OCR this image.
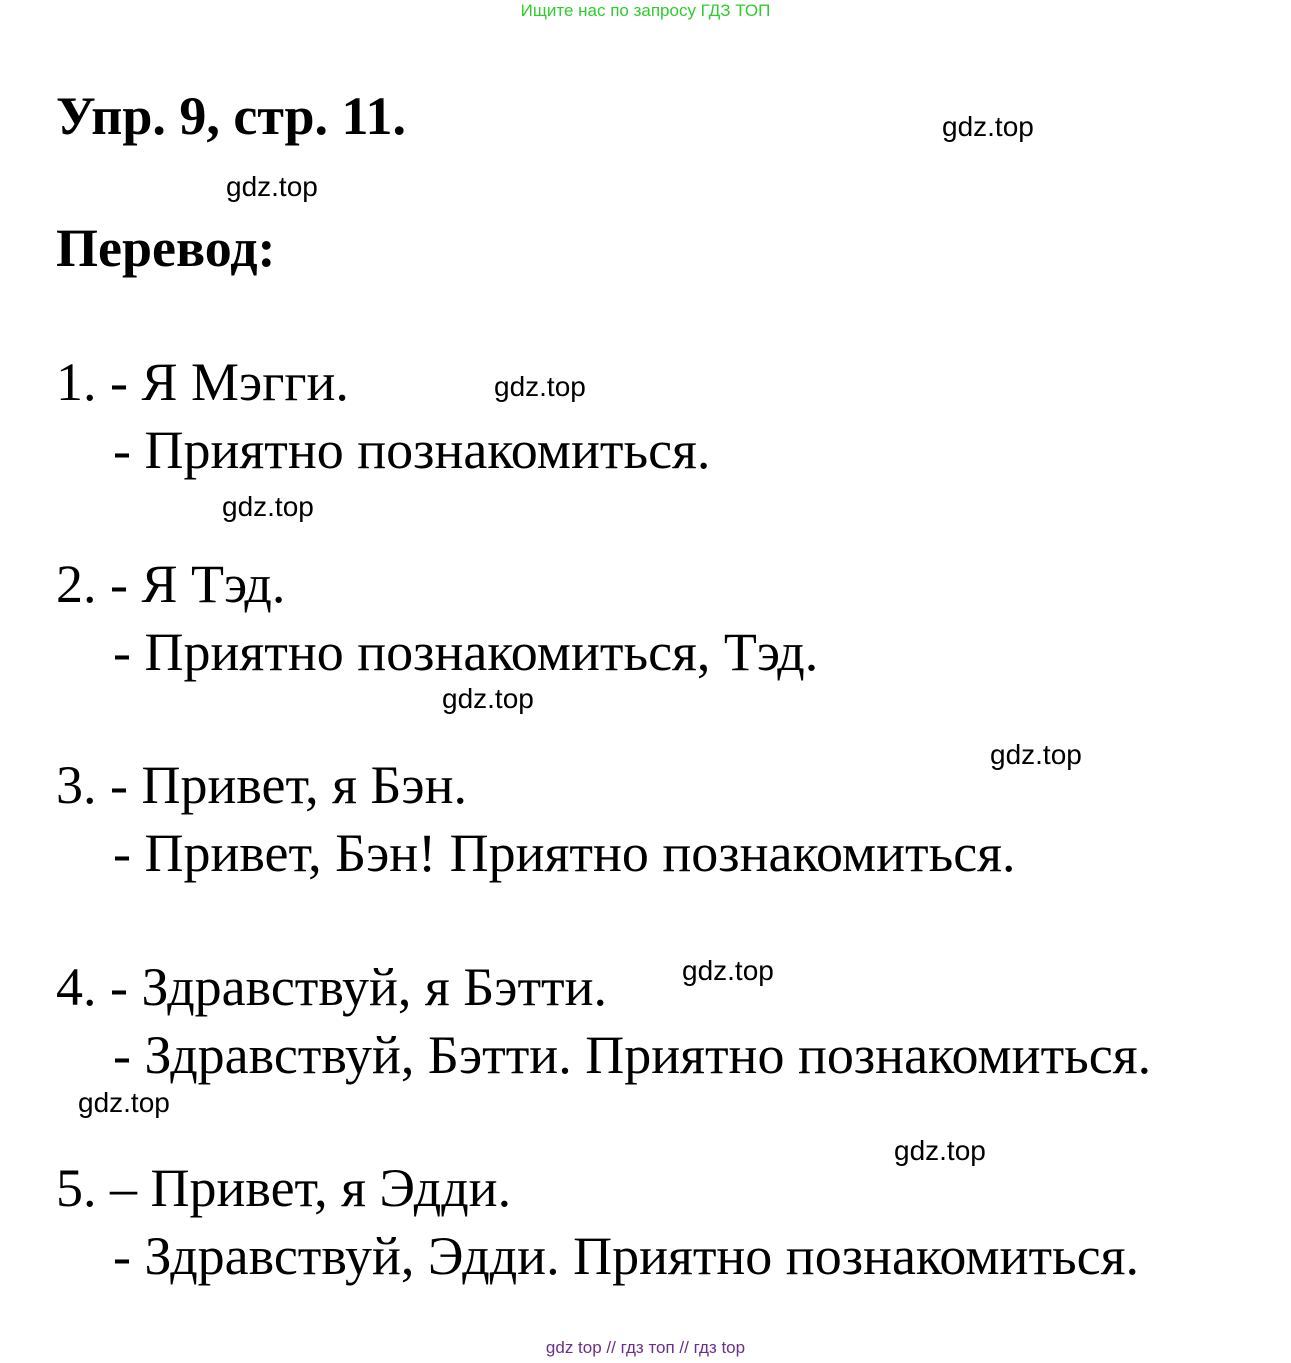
Ищите нас по запросу ГДЗ ТОП
Упр. 9, стр. 11.	gdz.top
gdz.top
Перевод:
1. - Я Мэгги.	gdz.top
- Приятно познакомиться.
gdz.top
2. - Я Тэд.
- Приятно познакомиться, Тэд.
gdz.top
gdz.top
3. - Привет, я Бэн.
- Привет, Бэн! Приятно познакомиться.
4. - Здравствуй, я Бэтти.	gdz.top
- Здравствуй, Бэтти. Приятно познакомиться.
gdz.top
gdz.top
5. – Привет, я Эдди.
- Здравствуй, Эдди. Приятно познакомиться.
gdz top // гдз топ // гдз top
